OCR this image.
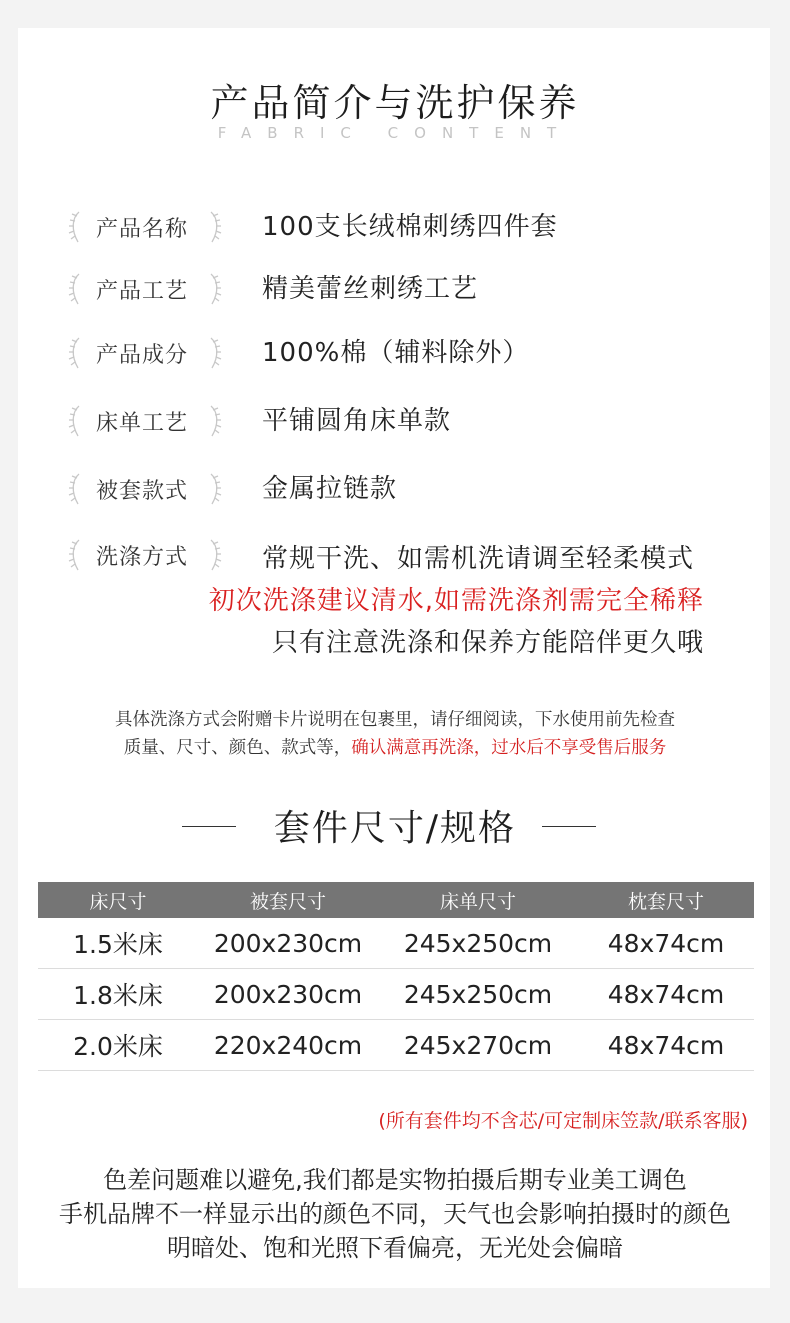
产品简介与洗护保养
FABRIC CONTENT
产品名称	100支长绒棉刺绣四件套
产品工艺	精美蕾丝刺绣工艺
产品成分	100%棉（辅料除外）
床单工艺	平铺圆角床单款
被套款式	金属拉链款
洗涤方式	常规干洗、如需机洗请调至轻柔模式
初次洗涤建议清水,如需洗涤剂需完全稀释
只有注意洗涤和保养方能陪伴更久哦
具体洗涤方式会附赠卡片说明在包裹里，请仔细阅读，下水使用前先检查
质量、尺寸、颜色、款式等，确认满意再洗涤，过水后不享受售后服务
套件尺寸/规格
床尺寸	被套尺寸	床单尺寸	枕套尺寸
1.5米床	200x230cm	245x250cm	48x74cm
1.8米床	200x230cm	245x250cm	48x74cm
2.0米床	220x240cm	245x270cm	48x74cm
(所有套件均不含芯/可定制床笠款/联系客服)
色差问题难以避免,我们都是实物拍摄后期专业美工调色
手机品牌不一样显示出的颜色不同，天气也会影响拍摄时的颜色
明暗处、饱和光照下看偏亮，无光处会偏暗
